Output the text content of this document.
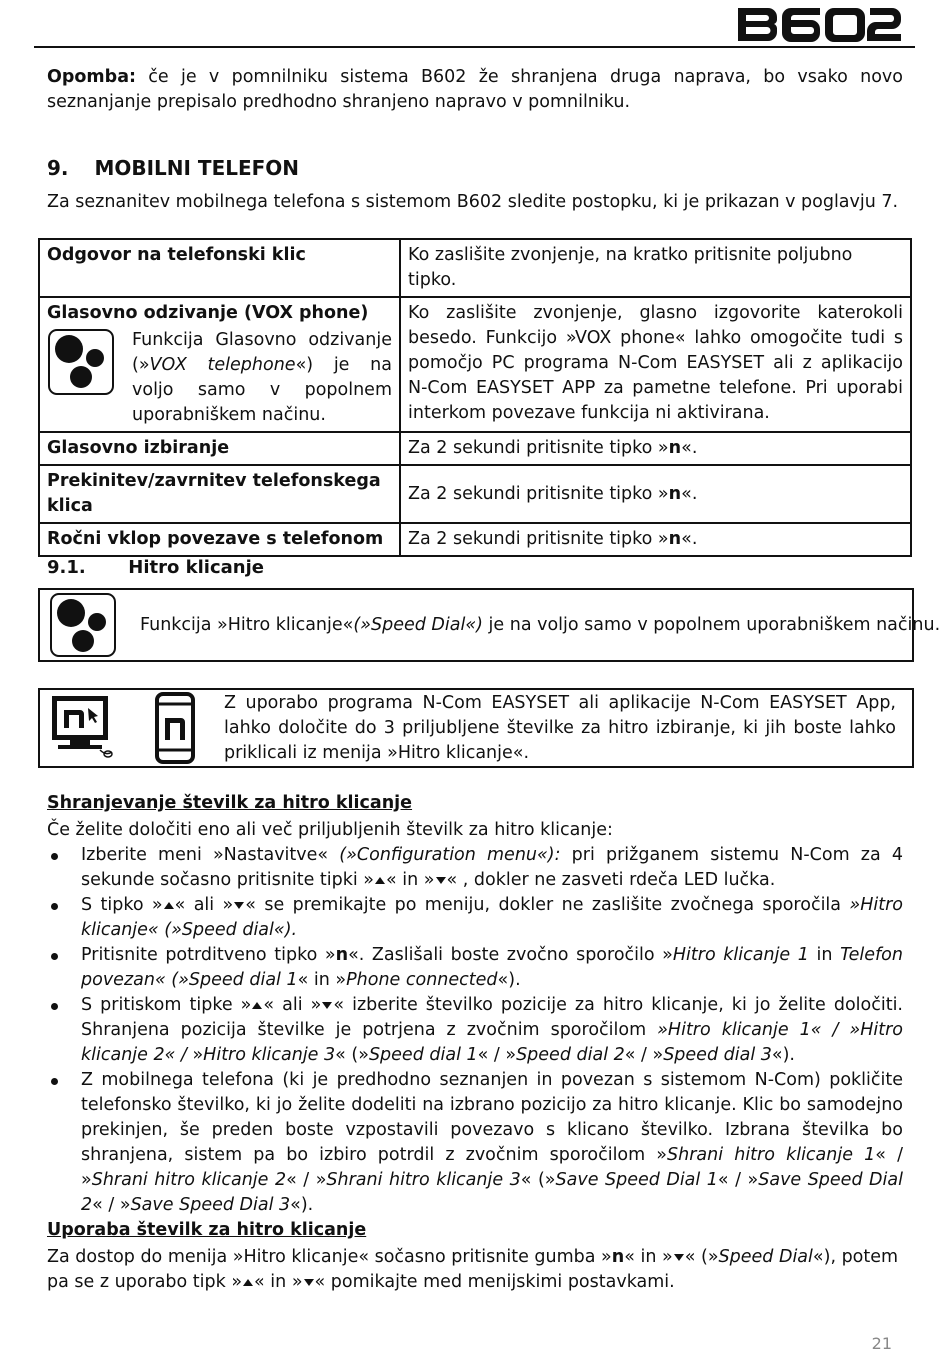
Opomba: če je v pomnilniku sistema B602 že shranjena druga naprava, bo vsako novo seznanjanje prepisalo predhodno shranjeno napravo v pomnilniku.

9. MOBILNI TELEFON
Za seznanitev mobilnega telefona s sistemom B602 sledite postopku, ki je prikazan v poglavju 7.
Odgovor na telefonski klic	Ko zaslišite zvonjenje, na kratko pritisnite poljubno tipko.

Glasovno odzivanje (VOX phone)
Funkcija Glasovno odzivanje (»VOX telephone«) je na voljo samo v popolnem uporabniškem načinu.	Ko zaslišite zvonjenje, glasno izgovorite katerokoli besedo. Funkcijo »VOX phone« lahko omogočite tudi s pomočjo PC programa N-Com EASYSET ali z aplikacijo N-Com EASYSET APP za pametne telefone. Pri uporabi interkom povezave funkcija ni aktivirana.
Glasovno izbiranje	Za 2 sekundi pritisnite tipko »n«.
Prekinitev/zavrnitev telefonskega klica	Za 2 sekundi pritisnite tipko »n«.
Ročni vklop povezave s telefonom	Za 2 sekundi pritisnite tipko »n«.
9.1. Hitro klicanje
Funkcija »Hitro klicanje«(»Speed Dial«) je na voljo samo v popolnem uporabniškem načinu.
Z uporabo programa N-Com EASYSET ali aplikacije N-Com EASYSET App, lahko določite do 3 priljubljene številke za hitro izbiranje, ki jih boste lahko priklicali iz menija »Hitro klicanje«.
Shranjevanje številk za hitro klicanje
Če želite določiti eno ali več priljubljenih številk za hitro klicanje:
Izberite meni »Nastavitve« (»Configuration menu«): pri prižganem sistemu N-Com za 4 sekunde sočasno pritisnite tipki » « in » « , dokler ne zasveti rdeča LED lučka.
S tipko » « ali » « se premikajte po meniju, dokler ne zaslišite zvočnega sporočila »Hitro klicanje« (»Speed dial«).
Pritisnite potrditveno tipko »n«. Zaslišali boste zvočno sporočilo »Hitro klicanje 1 in Telefon povezan« (»Speed dial 1« in »Phone connected«).
S pritiskom tipke » « ali » « izberite številko pozicije za hitro klicanje, ki jo želite določiti. Shranjena pozicija številke je potrjena z zvočnim sporočilom »Hitro klicanje 1« / »Hitro klicanje 2« / »Hitro klicanje 3« (»Speed dial 1« / »Speed dial 2« / »Speed dial 3«).
Z mobilnega telefona (ki je predhodno seznanjen in povezan s sistemom N-Com) pokličite telefonsko številko, ki jo želite dodeliti na izbrano pozicijo za hitro klicanje. Klic bo samodejno prekinjen, še preden boste vzpostavili povezavo s klicano številko. Izbrana številka bo shranjena, sistem pa bo izbiro potrdil z zvočnim sporočilom »Shrani hitro klicanje 1« / »Shrani hitro klicanje 2« / »Shrani hitro klicanje 3« (»Save Speed Dial 1« / »Save Speed Dial 2« / »Save Speed Dial 3«).
Uporaba številk za hitro klicanje
Za dostop do menija »Hitro klicanje« sočasno pritisnite gumba »n« in » « (»Speed Dial«), potem pa se z uporabo tipk » « in » « pomikajte med menijskimi postavkami.
21
